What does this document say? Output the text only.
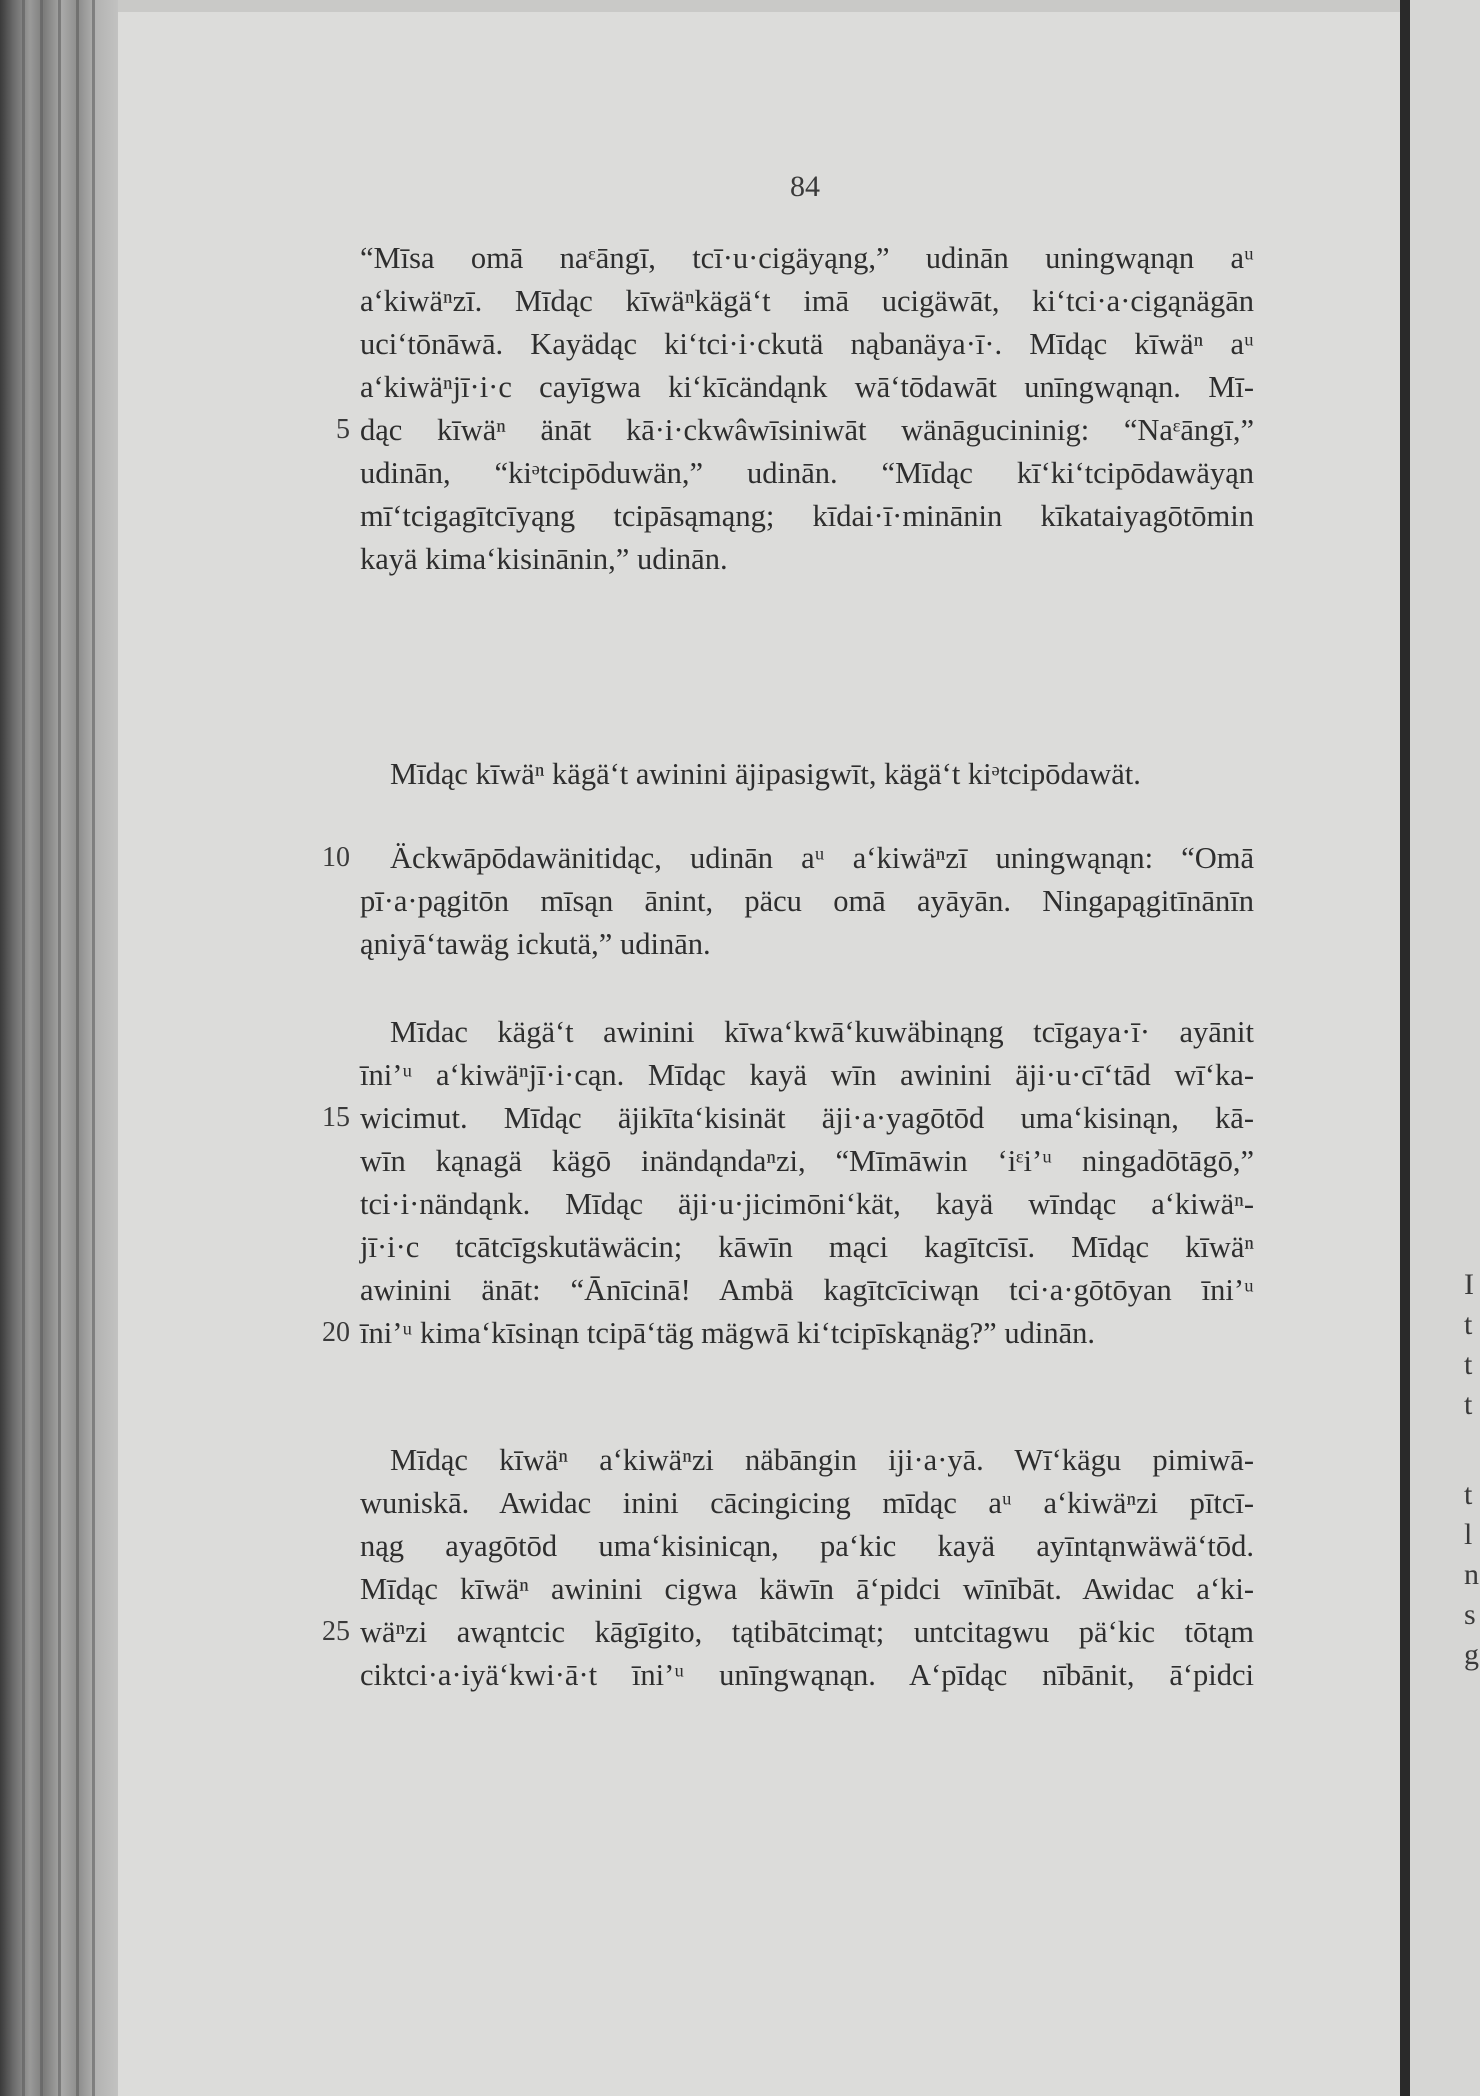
I
t
t
t
t
l
n
s
g
84
“Mīsa omā naᵋāngī, tcī·u·cigäyąng,” udinān uningwąnąn aᵘ
a‘kiwäⁿzī. Mīdąc kīwäⁿkägä‘t imā ucigäwāt, ki‘tci·a·cigąnägān
uci‘tōnāwā. Kayädąc ki‘tci·i·ckutä nąbanäya·ī·. Mīdąc kīwäⁿ aᵘ
a‘kiwäⁿjī·i·c cayīgwa ki‘kīcändąnk wā‘tōdawāt unīngwąnąn. Mī-
dąc kīwäⁿ änāt kā·i·ckwâwīsiniwāt wänāgucininig: “Naᵋāngī,”
udinān, “kiᵊtcipōduwän,” udinān. “Mīdąc kī‘ki‘tcipōdawäyąn
mī‘tcigagītcīyąng tcipāsąmąng; kīdai·ī·minānin kīkataiyagōtōmin
kayä kima‘kisinānin,” udinān.
Mīdąc kīwäⁿ kägä‘t awinini äjipasigwīt, kägä‘t kiᵊtcipōdawät.
Äckwāpōdawänitidąc, udinān aᵘ a‘kiwäⁿzī uningwąnąn: “Omā
pī·a·pągitōn mīsąn ānint, päcu omā ayāyān. Ningapągitīnānīn
ąniyā‘tawäg ickutä,” udinān.
Mīdac kägä‘t awinini kīwa‘kwā‘kuwäbinąng tcīgaya·ī· ayānit
īni’ᵘ a‘kiwäⁿjī·i·cąn. Mīdąc kayä wīn awinini äji·u·cī‘tād wī‘ka-
wicimut. Mīdąc äjikīta‘kisinät äji·a·yagōtōd uma‘kisinąn, kā-
wīn kąnagä kägō inändąndaⁿzi, “Mīmāwin ‘iᵋi’ᵘ ningadōtāgō,”
tci·i·nändąnk. Mīdąc äji·u·jicimōni‘kät, kayä wīndąc a‘kiwäⁿ-
jī·i·c tcātcīgskutäwäcin; kāwīn mąci kagītcīsī. Mīdąc kīwäⁿ
awinini änāt: “Ānīcinā! Ambä kagītcīciwąn tci·a·gōtōyan īni’ᵘ
īni’ᵘ kima‘kīsinąn tcipā‘täg mägwā ki‘tcipīskąnäg?” udinān.
Mīdąc kīwäⁿ a‘kiwäⁿzi näbāngin iji·a·yā. Wī‘kägu pimiwā-
wuniskā. Awidac inini cācingicing mīdąc aᵘ a‘kiwäⁿzi pītcī-
nąg ayagōtōd uma‘kisinicąn, pa‘kic kayä ayīntąnwäwä‘tōd.
Mīdąc kīwäⁿ awinini cigwa käwīn ā‘pidci wīnībāt. Awidac a‘ki-
wäⁿzi awąntcic kāgīgito, tątibātcimąt; untcitagwu pä‘kic tōtąm
ciktci·a·iyä‘kwi·ā·t īni’ᵘ unīngwąnąn. A‘pīdąc nībānit, ā‘pidci
5
10
15
20
25
